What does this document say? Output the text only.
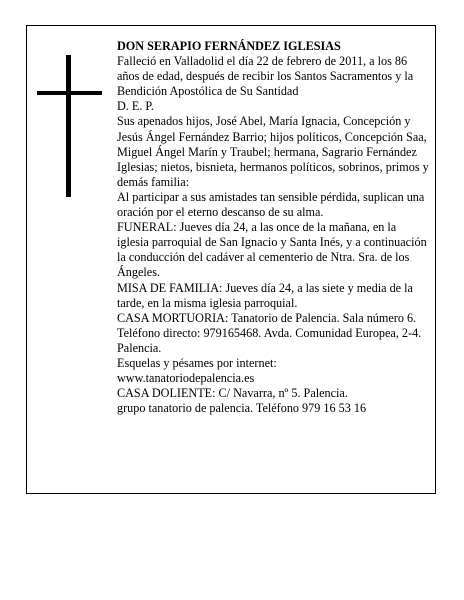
DON SERAPIO FERNÁNDEZ IGLESIAS

Falleció en Valladolid el día 22 de febrero de 2011, a los 86 años de edad, después de recibir los Santos Sacramentos y la Bendición Apostólica de Su Santidad

D. E. P.

Sus apenados hijos, José Abel, María Ignacia, Concepción y Jesús Ángel Fernández Barrio; hijos políticos, Concepción Saa, Miguel Ángel Marín y Traubel; hermana, Sagrario Fernández Iglesias; nietos, bisnieta, hermanos políticos, sobrinos, primos y demás familia:

Al participar a sus amistades tan sensible pérdida, suplican una oración por el eterno descanso de su alma.

FUNERAL: Jueves día 24, a las once de la mañana, en la iglesia parroquial de San Ignacio y Santa Inés, y a continuación la conducción del cadáver al cementerio de Ntra. Sra. de los Ángeles.

MISA DE FAMILIA: Jueves día 24, a las siete y media de la tarde, en la misma iglesia parroquial.

CASA MORTUORIA: Tanatorio de Palencia. Sala número 6. Teléfono directo: 979165468. Avda. Comunidad Europea, 2-4. Palencia.

Esquelas y pésames por internet:

www.tanatoriodepalencia.es

CASA DOLIENTE: C/ Navarra, nº 5. Palencia.

grupo tanatorio de palencia. Teléfono 979 16 53 16
